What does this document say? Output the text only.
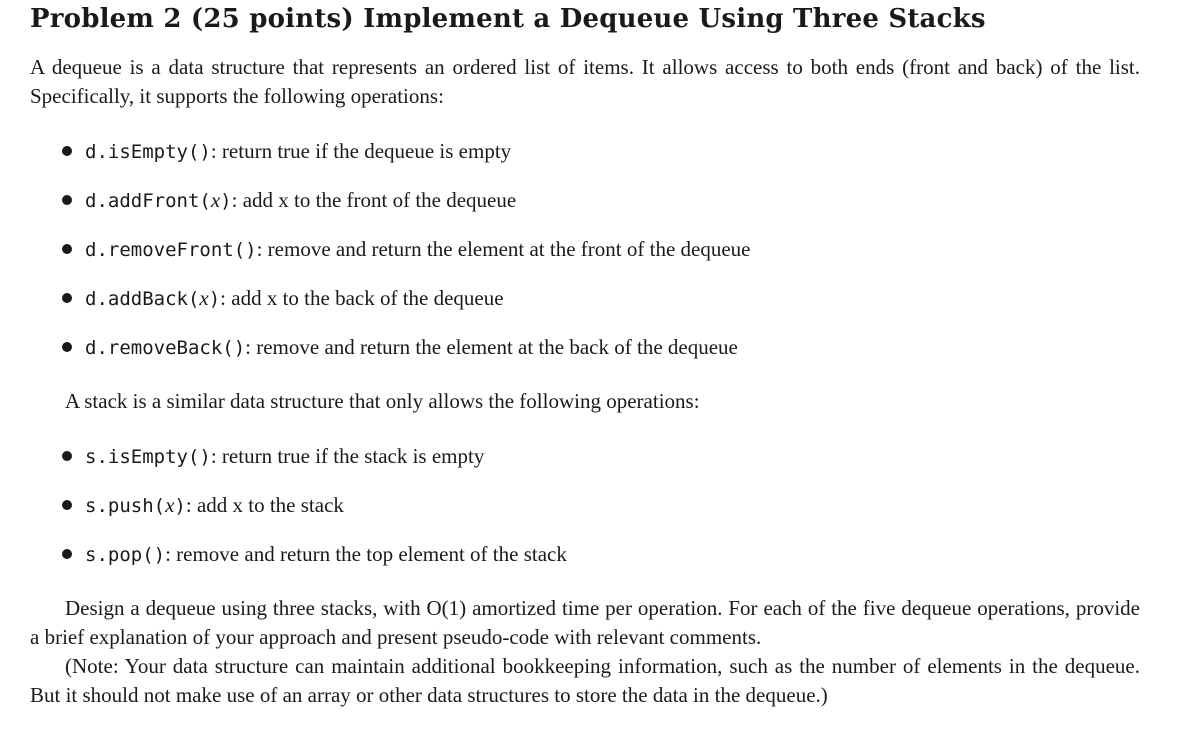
Problem 2 (25 points) Implement a Dequeue Using Three Stacks
A dequeue is a data structure that represents an ordered list of items. It allows access to both ends (front and back) of the list. Specifically, it supports the following operations:
d.isEmpty(): return true if the dequeue is empty
d.addFront(x): add x to the front of the dequeue
d.removeFront(): remove and return the element at the front of the dequeue
d.addBack(x): add x to the back of the dequeue
d.removeBack(): remove and return the element at the back of the dequeue
A stack is a similar data structure that only allows the following operations:
s.isEmpty(): return true if the stack is empty
s.push(x): add x to the stack
s.pop(): remove and return the top element of the stack
Design a dequeue using three stacks, with O(1) amortized time per operation. For each of the five dequeue operations, provide a brief explanation of your approach and present pseudo-code with relevant comments.
(Note: Your data structure can maintain additional bookkeeping information, such as the number of elements in the dequeue. But it should not make use of an array or other data structures to store the data in the dequeue.)
